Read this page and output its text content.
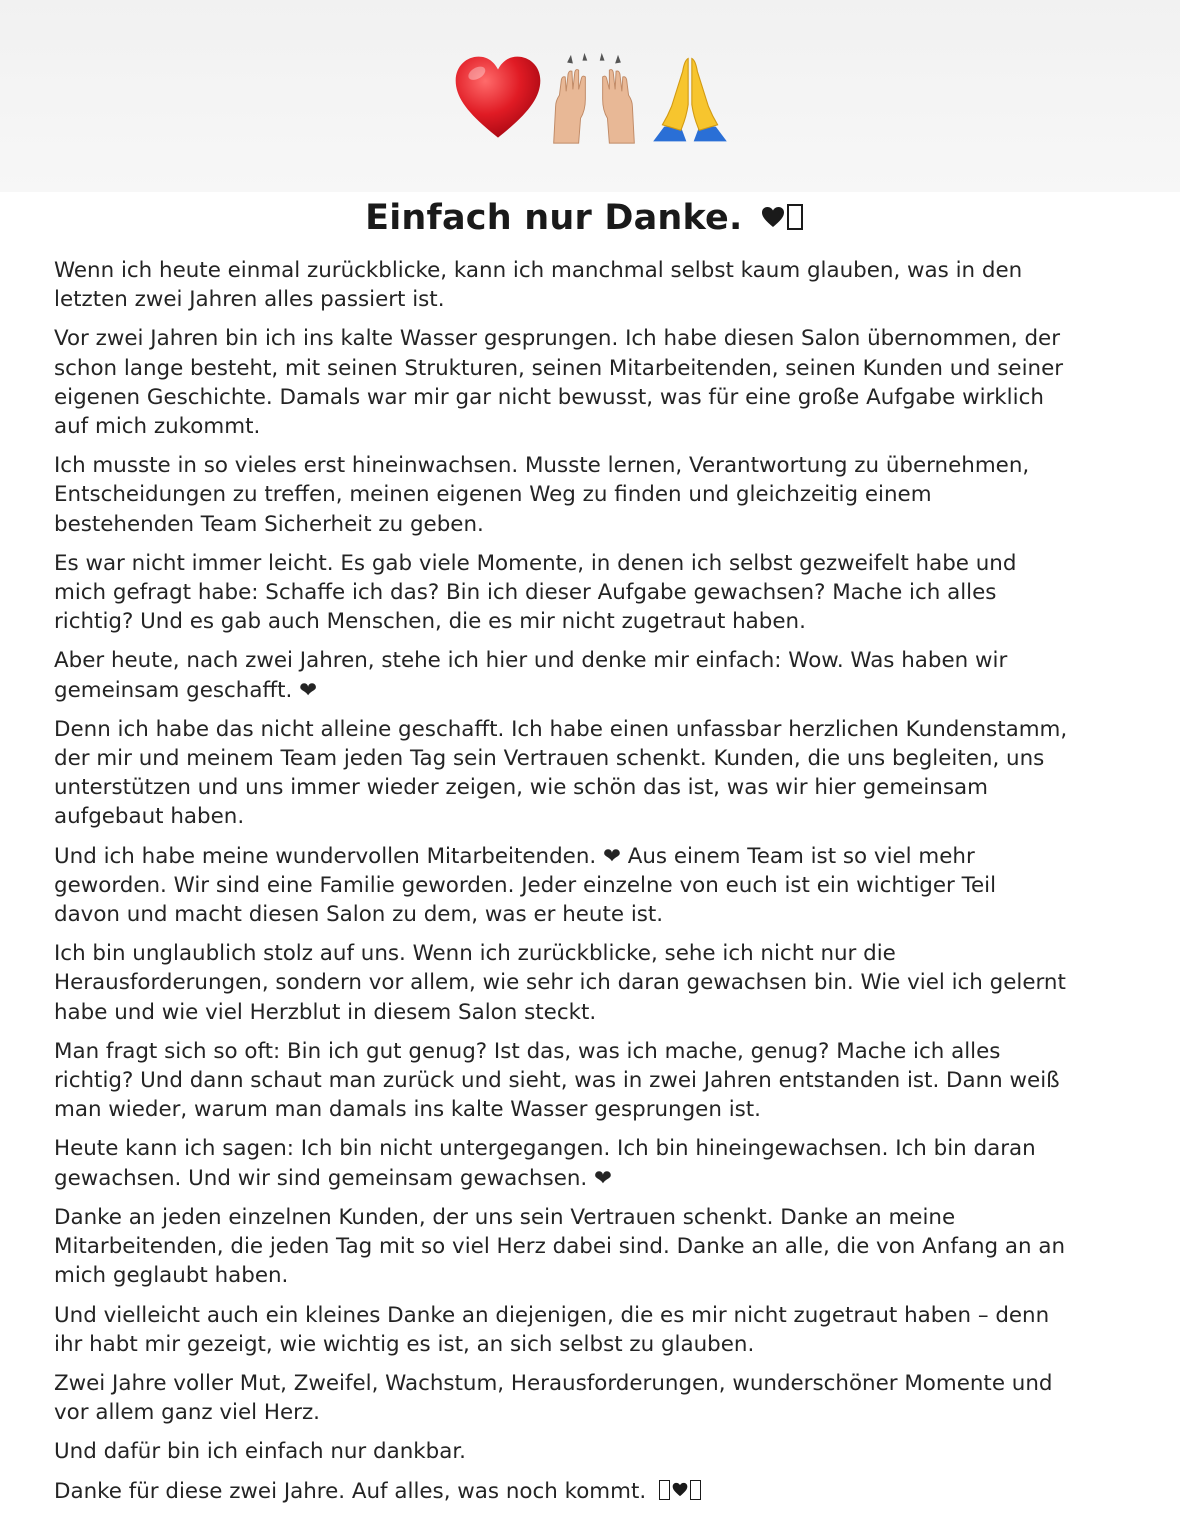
Einfach nur Danke.

Wenn ich heute einmal zurückblicke, kann ich manchmal selbst kaum glauben, was in den
letzten zwei Jahren alles passiert ist.

Vor zwei Jahren bin ich ins kalte Wasser gesprungen. Ich habe diesen Salon übernommen, der
schon lange besteht, mit seinen Strukturen, seinen Mitarbeitenden, seinen Kunden und seiner
eigenen Geschichte. Damals war mir gar nicht bewusst, was für eine große Aufgabe wirklich
auf mich zukommt.

Ich musste in so vieles erst hineinwachsen. Musste lernen, Verantwortung zu übernehmen,
Entscheidungen zu treffen, meinen eigenen Weg zu finden und gleichzeitig einem
bestehenden Team Sicherheit zu geben.

Es war nicht immer leicht. Es gab viele Momente, in denen ich selbst gezweifelt habe und
mich gefragt habe: Schaffe ich das? Bin ich dieser Aufgabe gewachsen? Mache ich alles
richtig? Und es gab auch Menschen, die es mir nicht zugetraut haben.

Aber heute, nach zwei Jahren, stehe ich hier und denke mir einfach: Wow. Was haben wir
gemeinsam geschafft. ❤

Denn ich habe das nicht alleine geschafft. Ich habe einen unfassbar herzlichen Kundenstamm,
der mir und meinem Team jeden Tag sein Vertrauen schenkt. Kunden, die uns begleiten, uns
unterstützen und uns immer wieder zeigen, wie schön das ist, was wir hier gemeinsam
aufgebaut haben.

Und ich habe meine wundervollen Mitarbeitenden. ❤ Aus einem Team ist so viel mehr
geworden. Wir sind eine Familie geworden. Jeder einzelne von euch ist ein wichtiger Teil
davon und macht diesen Salon zu dem, was er heute ist.

Ich bin unglaublich stolz auf uns. Wenn ich zurückblicke, sehe ich nicht nur die
Herausforderungen, sondern vor allem, wie sehr ich daran gewachsen bin. Wie viel ich gelernt
habe und wie viel Herzblut in diesem Salon steckt.

Man fragt sich so oft: Bin ich gut genug? Ist das, was ich mache, genug? Mache ich alles
richtig? Und dann schaut man zurück und sieht, was in zwei Jahren entstanden ist. Dann weiß
man wieder, warum man damals ins kalte Wasser gesprungen ist.

Heute kann ich sagen: Ich bin nicht untergegangen. Ich bin hineingewachsen. Ich bin daran
gewachsen. Und wir sind gemeinsam gewachsen. ❤

Danke an jeden einzelnen Kunden, der uns sein Vertrauen schenkt. Danke an meine
Mitarbeitenden, die jeden Tag mit so viel Herz dabei sind. Danke an alle, die von Anfang an an
mich geglaubt haben.

Und vielleicht auch ein kleines Danke an diejenigen, die es mir nicht zugetraut haben – denn
ihr habt mir gezeigt, wie wichtig es ist, an sich selbst zu glauben.

Zwei Jahre voller Mut, Zweifel, Wachstum, Herausforderungen, wunderschöner Momente und
vor allem ganz viel Herz.

Und dafür bin ich einfach nur dankbar.

Danke für diese zwei Jahre. Auf alles, was noch kommt.
